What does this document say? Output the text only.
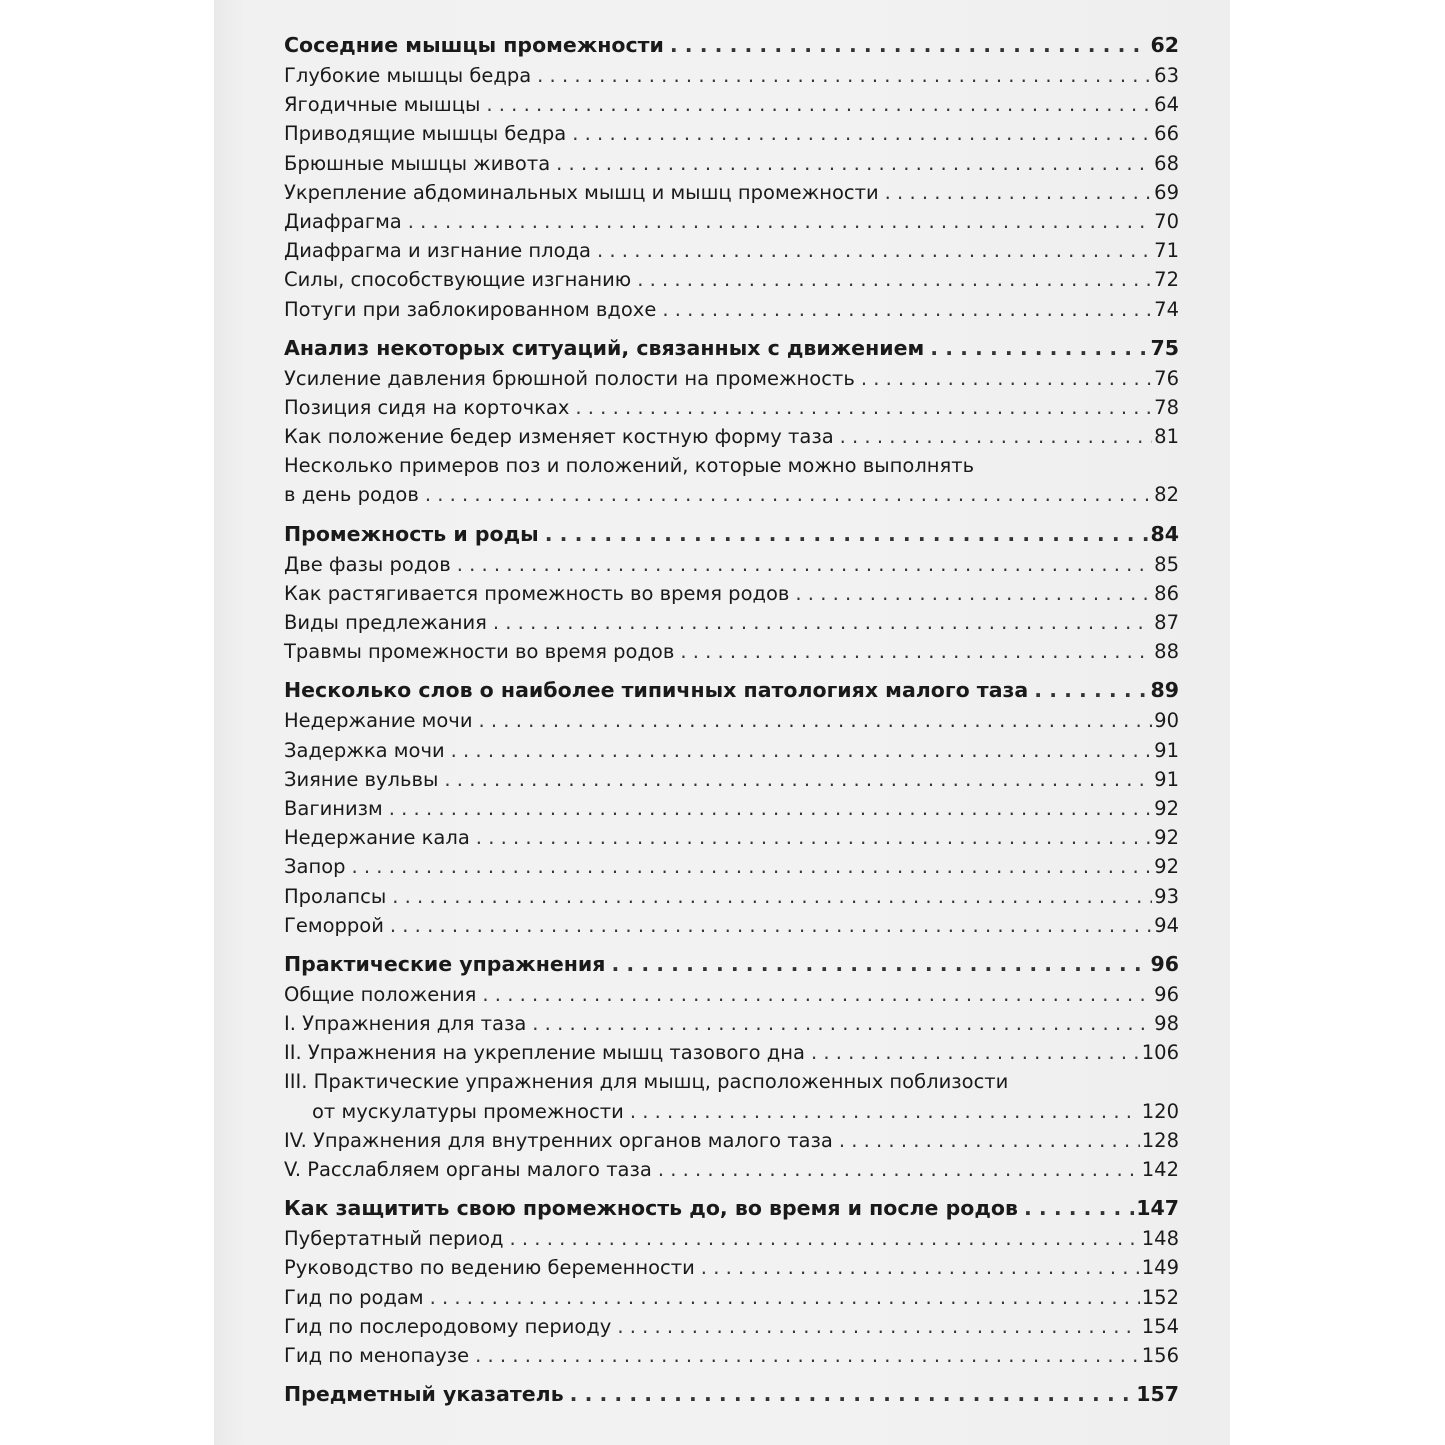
Соседние мышцы промежности . .	62
Глубокие мышцы бедра . . .	63
Ягодичные мышцы . . .	64
Приводящие мышцы бедра . . .	66
Брюшные мышцы живота . . .	68
Укрепление абдоминальных мышц и мышц промежности . . .	69
Диафрагма . . .	70
Диафрагма и изгнание плода . . .	71
Силы, способствующие изгнанию . . .	72
Потуги при заблокированном вдохе . . .	74
Анализ некоторых ситуаций, связанных с движением . .	75
Усиление давления брюшной полости на промежность . . .	76
Позиция сидя на корточках . . .	78
Как положение бедер изменяет костную форму таза . . .	81
Несколько примеров поз и положений, которые можно выполнять
в день родов . . .	82
Промежность и роды . .	84
Две фазы родов . . .	85
Как растягивается промежность во время родов . . .	86
Виды предлежания . . .	87
Травмы промежности во время родов . . .	88
Несколько слов о наиболее типичных патологиях малого таза . .	89
Недержание мочи . . .	90
Задержка мочи . . .	91
Зияние вульвы . . .	91
Вагинизм . . .	92
Недержание кала . . .	92
Запор . . .	92
Пролапсы . . .	93
Геморрой . . .	94
Практические упражнения . .	96
Общие положения . . .	96
I. Упражнения для таза . . .	98
II. Упражнения на укрепление мышц тазового дна . . .	106
III. Практические упражнения для мышц, расположенных поблизости
от мускулатуры промежности . . .	120
IV. Упражнения для внутренних органов малого таза . . .	128
V. Расслабляем органы малого таза . . .	142
Как защитить свою промежность до, во время и после родов . .	147
Пубертатный период . . .	148
Руководство по ведению беременности . . .	149
Гид по родам . . .	152
Гид по послеродовому периоду . . .	154
Гид по менопаузе . . .	156
Предметный указатель . .	157
